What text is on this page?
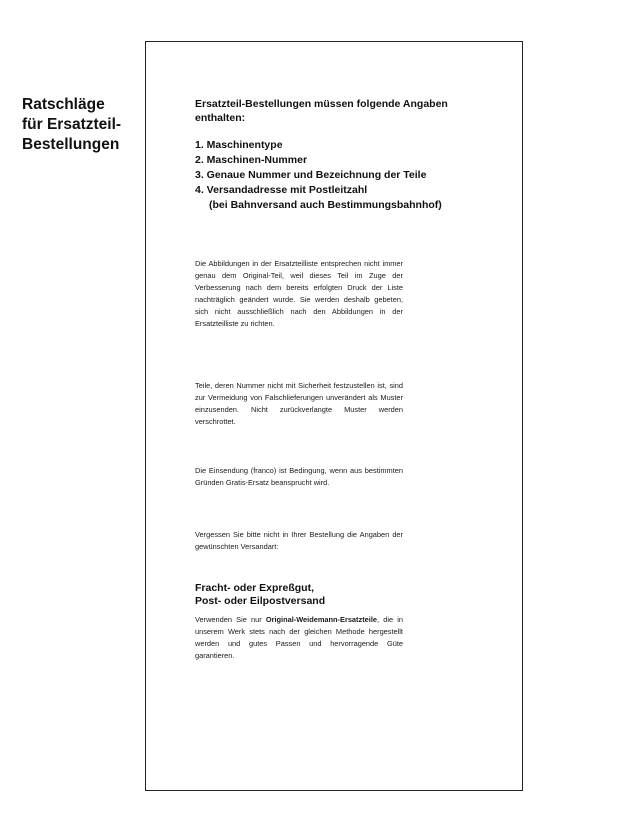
Ratschläge
für Ersatzteil-
Bestellungen
Ersatzteil-Bestellungen müssen folgende Angaben enthalten:
1. Maschinentype
2. Maschinen-Nummer
3. Genaue Nummer und Bezeichnung der Teile
4. Versandadresse mit Postleitzahl
(bei Bahnversand auch Bestimmungsbahnhof)

Die Abbildungen in der Ersatzteilliste entsprechen nicht immer genau dem Original-Teil, weil dieses Teil im Zuge der Verbesserung nach dem bereits erfolgten Druck der Liste nachträglich geändert wurde. Sie werden deshalb gebeten, sich nicht ausschließlich nach den Abbildungen in der Ersatzteilliste zu richten.

Teile, deren Nummer nicht mit Sicherheit festzustellen ist, sind zur Vermeidung von Falschlieferungen unverändert als Muster einzusenden. Nicht zurückverlangte Muster werden verschrottet.

Die Einsendung (franco) ist Bedingung, wenn aus bestimmten Gründen Gratis-Ersatz beansprucht wird.

Vergessen Sie bitte nicht in Ihrer Bestellung die Angaben der gewünschten Versandart:

Fracht- oder Expreßgut,
Post- oder Eilpostversand

Verwenden Sie nur Original-Weidemann-Ersatzteile, die in unserem Werk stets nach der gleichen Methode hergestellt werden und gutes Passen und hervorragende Güte garantieren.
